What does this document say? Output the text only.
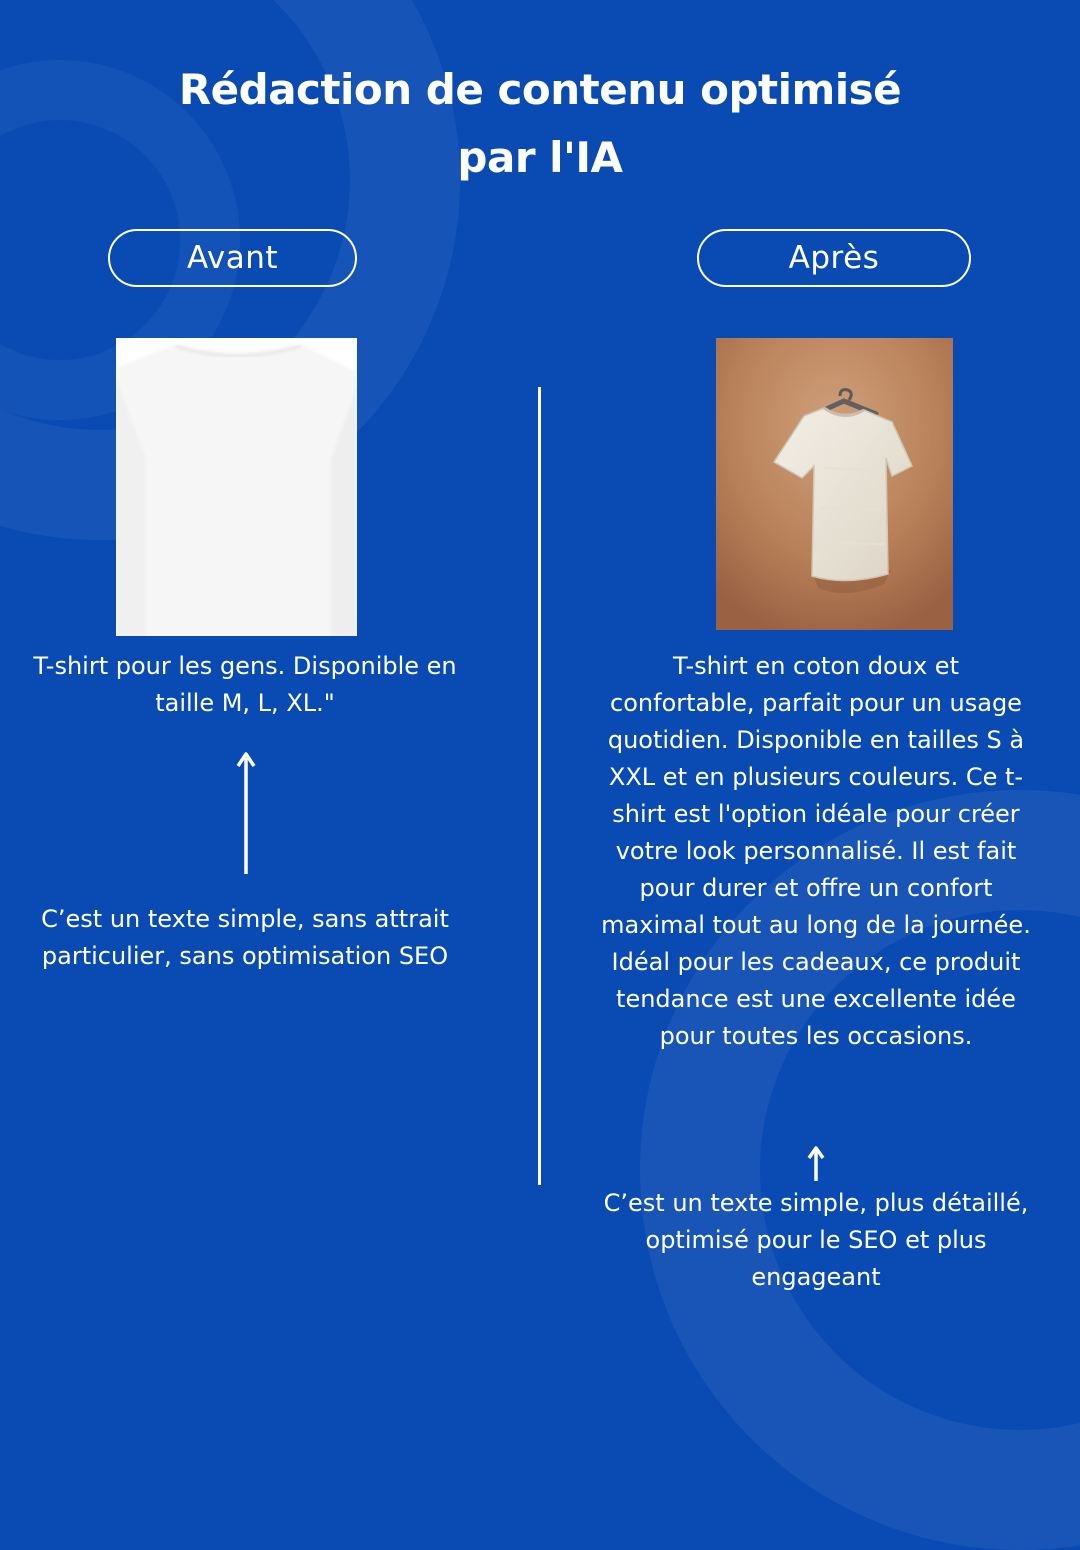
Rédaction de contenu optimisé
par l'IA
Avant	Après

T-shirt pour les gens. Disponible en taille M, L, XL."

C’est un texte simple, sans attrait particulier, sans optimisation SEO

T-shirt en coton doux et confortable, parfait pour un usage quotidien. Disponible en tailles S à XXL et en plusieurs couleurs. Ce t-shirt est l'option idéale pour créer votre look personnalisé. Il est fait pour durer et offre un confort maximal tout au long de la journée. Idéal pour les cadeaux, ce produit tendance est une excellente idée pour toutes les occasions.

C’est un texte simple, plus détaillé, optimisé pour le SEO et plus engageant
